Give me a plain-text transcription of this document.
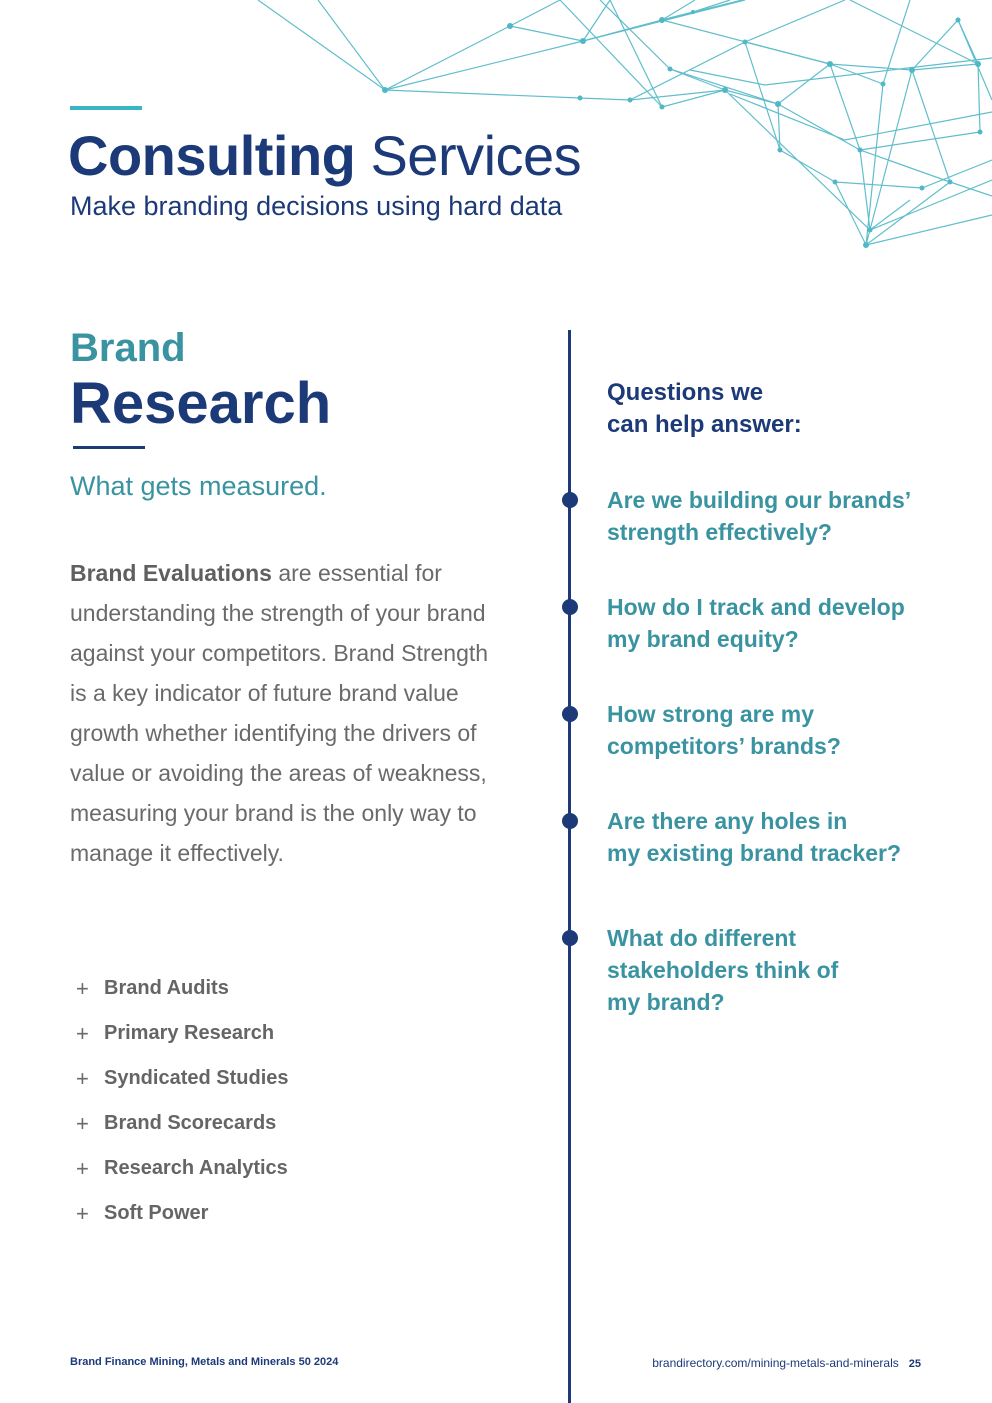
Consulting Services

Make branding decisions using hard data

Brand
Research
What gets measured.

Brand Evaluations are essential for understanding the strength of your brand against your competitors. Brand Strength is a key indicator of future brand value growth whether identifying the drivers of value or avoiding the areas of weakness, measuring your brand is the only way to manage it effectively.

+ Brand Audits
+ Primary Research
+ Syndicated Studies
+ Brand Scorecards
+ Research Analytics
+ Soft Power
Questions we
can help answer:
Are we building our brands’
strength effectively?
How do I track and develop
my brand equity?
How strong are my
competitors’ brands?
Are there any holes in
my existing brand tracker?
What do different
stakeholders think of
my brand?
Brand Finance Mining, Metals and Minerals 50 2024	brandirectory.com/mining-metals-and-minerals 25
